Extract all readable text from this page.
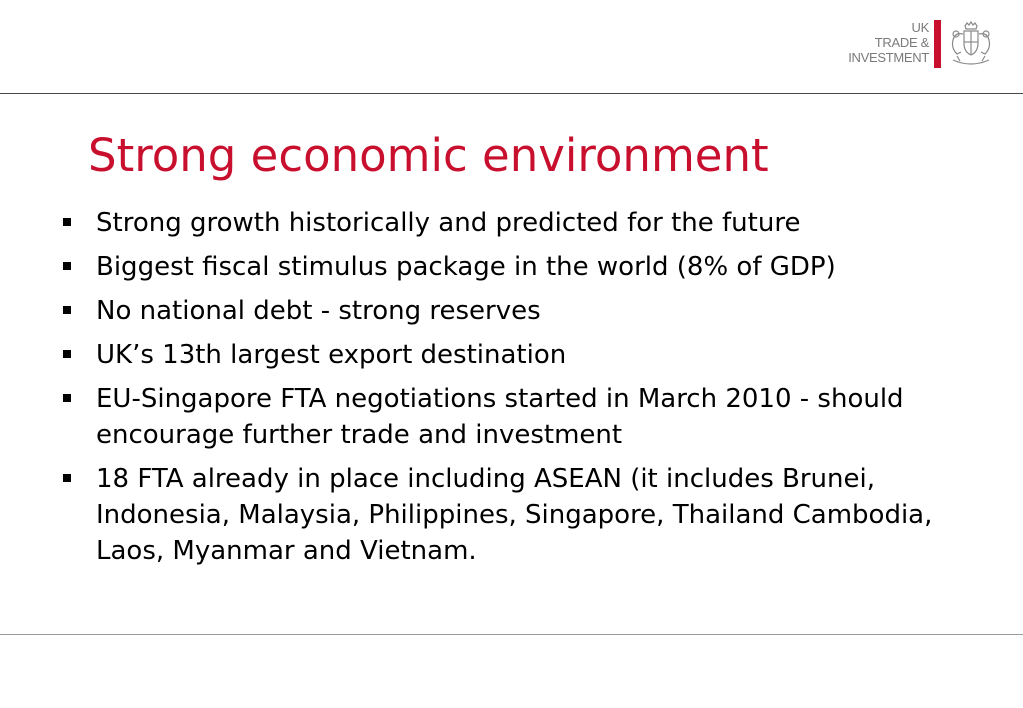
UK
TRADE &
INVESTMENT
Strong economic environment
Strong growth historically and predicted for the future
Biggest fiscal stimulus package in the world (8% of GDP)
No national debt - strong reserves
UK’s 13th largest export destination
EU-Singapore FTA negotiations started in March 2010 - should encourage further trade and investment
18 FTA already in place including ASEAN (it includes Brunei, Indonesia, Malaysia, Philippines, Singapore, Thailand Cambodia, Laos, Myanmar and Vietnam.
